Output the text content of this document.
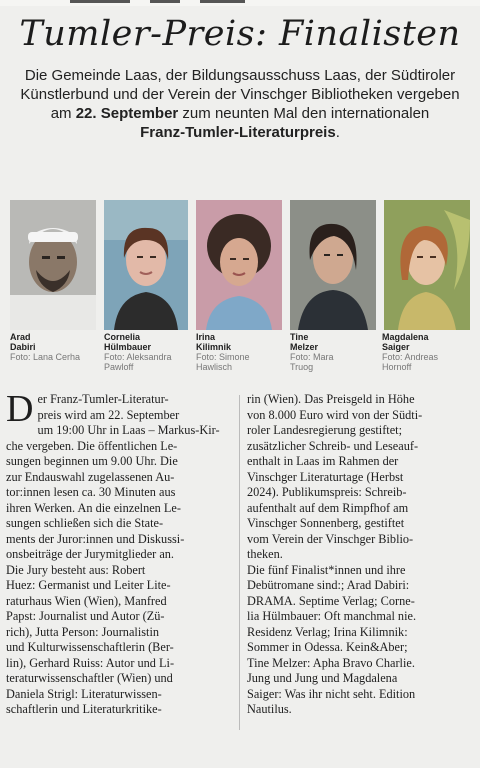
Tumler-Preis: Finalisten
Die Gemeinde Laas, der Bildungsausschuss Laas, der Südtiroler Künstlerbund und der Verein der Vinschger Bibliotheken vergeben am 22. September zum neunten Mal den internationalen
Franz-Tumler-Literaturpreis.
Arad
Dabiri
Foto: Lana Cerha
Cornelia
Hülmbauer
Foto: Aleksandra
Pawloff
Irina
Kilimnik
Foto: Simone
Hawlisch
Tine
Melzer
Foto: Mara
Truog
Magdalena
Saiger
Foto: Andreas
Hornoff
D er Franz-Tumler-Literatur-
preis wird am 22. September
um 19:00 Uhr in Laas – Markus-Kir-
che vergeben. Die öffentlichen Le-
sungen beginnen um 9.00 Uhr. Die
zur Endauswahl zugelassenen Au-
tor:innen lesen ca. 30 Minuten aus
ihren Werken. An die einzelnen Le-
sungen schließen sich die State-
ments der Juror:innen und Diskussi-
onsbeiträge der Jurymitglieder an.
Die Jury besteht aus: Robert
Huez: Germanist und Leiter Lite-
raturhaus Wien (Wien), Manfred
Papst: Journalist und Autor (Zü-
rich), Jutta Person: Journalistin
und Kulturwissenschaftlerin (Ber-
lin), Gerhard Ruiss: Autor und Li-
teraturwissenschaftler (Wien) und
Daniela Strigl: Literaturwissen-
schaftlerin und Literaturkritike-
rin (Wien). Das Preisgeld in Höhe
von 8.000 Euro wird von der Südti-
roler Landesregierung gestiftet;
zusätzlicher Schreib- und Leseauf-
enthalt in Laas im Rahmen der
Vinschger Literaturtage (Herbst
2024). Publikumspreis: Schreib-
aufenthalt auf dem Rimpfhof am
Vinschger Sonnenberg, gestiftet
vom Verein der Vinschger Biblio-
theken.
Die fünf Finalist*innen und ihre
Debütromane sind:; Arad Dabiri:
DRAMA. Septime Verlag; Corne-
lia Hülmbauer: Oft manchmal nie.
Residenz Verlag; Irina Kilimnik:
Sommer in Odessa. Kein&Aber;
Tine Melzer: Apha Bravo Charlie.
Jung und Jung und Magdalena
Saiger: Was ihr nicht seht. Edition
Nautilus.
